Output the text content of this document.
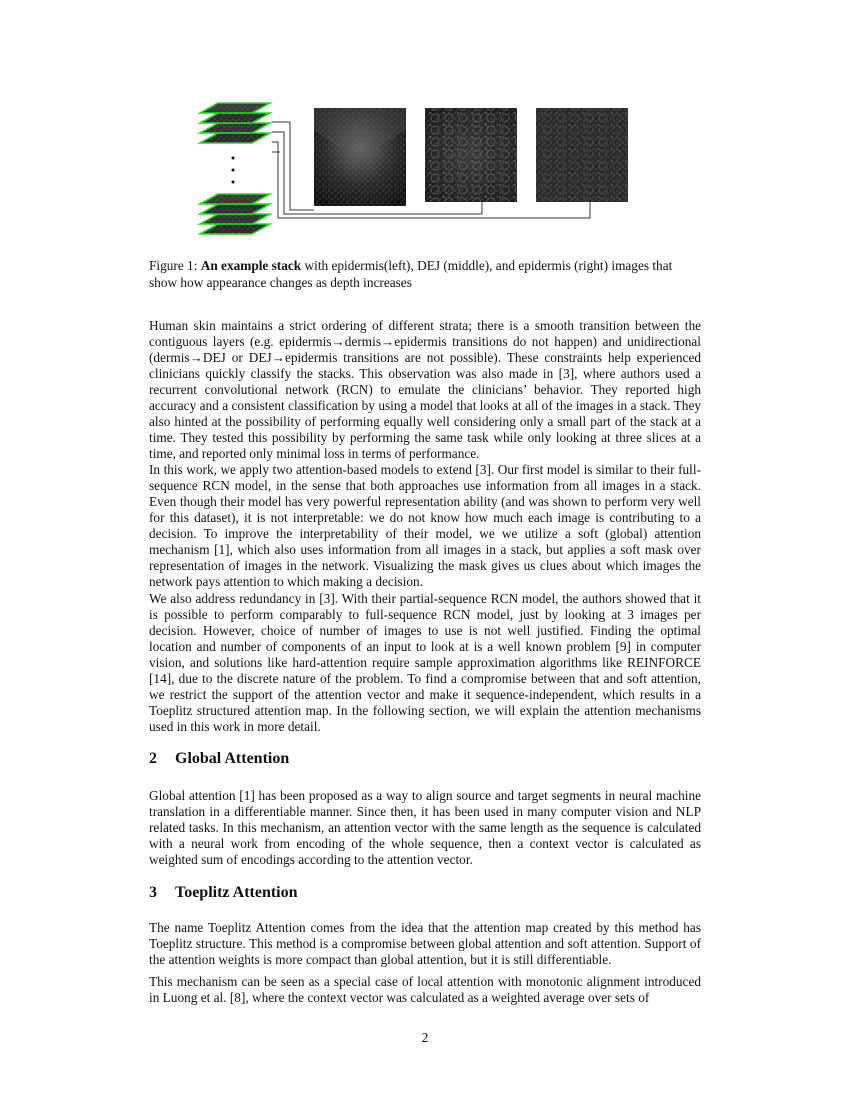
Figure 1: An example stack with epidermis(left), DEJ (middle), and epidermis (right) images that show how appearance changes as depth increases

Human skin maintains a strict ordering of different strata; there is a smooth transition between the contiguous layers (e.g. epidermis→dermis→epidermis transitions do not happen) and unidirectional (dermis→DEJ or DEJ→epidermis transitions are not possible). These constraints help experienced clinicians quickly classify the stacks. This observation was also made in [3], where authors used a recurrent convolutional network (RCN) to emulate the clinicians’ behavior. They reported high accuracy and a consistent classification by using a model that looks at all of the images in a stack. They also hinted at the possibility of performing equally well considering only a small part of the stack at a time. They tested this possibility by performing the same task while only looking at three slices at a time, and reported only minimal loss in terms of performance.

In this work, we apply two attention-based models to extend [3]. Our first model is similar to their full-sequence RCN model, in the sense that both approaches use information from all images in a stack. Even though their model has very powerful representation ability (and was shown to perform very well for this dataset), it is not interpretable: we do not know how much each image is contributing to a decision. To improve the interpretability of their model, we we utilize a soft (global) attention mechanism [1], which also uses information from all images in a stack, but applies a soft mask over representation of images in the network. Visualizing the mask gives us clues about which images the network pays attention to which making a decision.

We also address redundancy in [3]. With their partial-sequence RCN model, the authors showed that it is possible to perform comparably to full-sequence RCN model, just by looking at 3 images per decision. However, choice of number of images to use is not well justified. Finding the optimal location and number of components of an input to look at is a well known problem [9] in computer vision, and solutions like hard-attention require sample approximation algorithms like REINFORCE [14], due to the discrete nature of the problem. To find a compromise between that and soft attention, we restrict the support of the attention vector and make it sequence-independent, which results in a Toeplitz structured attention map. In the following section, we will explain the attention mechanisms used in this work in more detail.

2 Global Attention

Global attention [1] has been proposed as a way to align source and target segments in neural machine translation in a differentiable manner. Since then, it has been used in many computer vision and NLP related tasks. In this mechanism, an attention vector with the same length as the sequence is calculated with a neural work from encoding of the whole sequence, then a context vector is calculated as weighted sum of encodings according to the attention vector.

3 Toeplitz Attention

The name Toeplitz Attention comes from the idea that the attention map created by this method has Toeplitz structure. This method is a compromise between global attention and soft attention. Support of the attention weights is more compact than global attention, but it is still differentiable.

This mechanism can be seen as a special case of local attention with monotonic alignment introduced in Luong et al. [8], where the context vector was calculated as a weighted average over sets of

2
